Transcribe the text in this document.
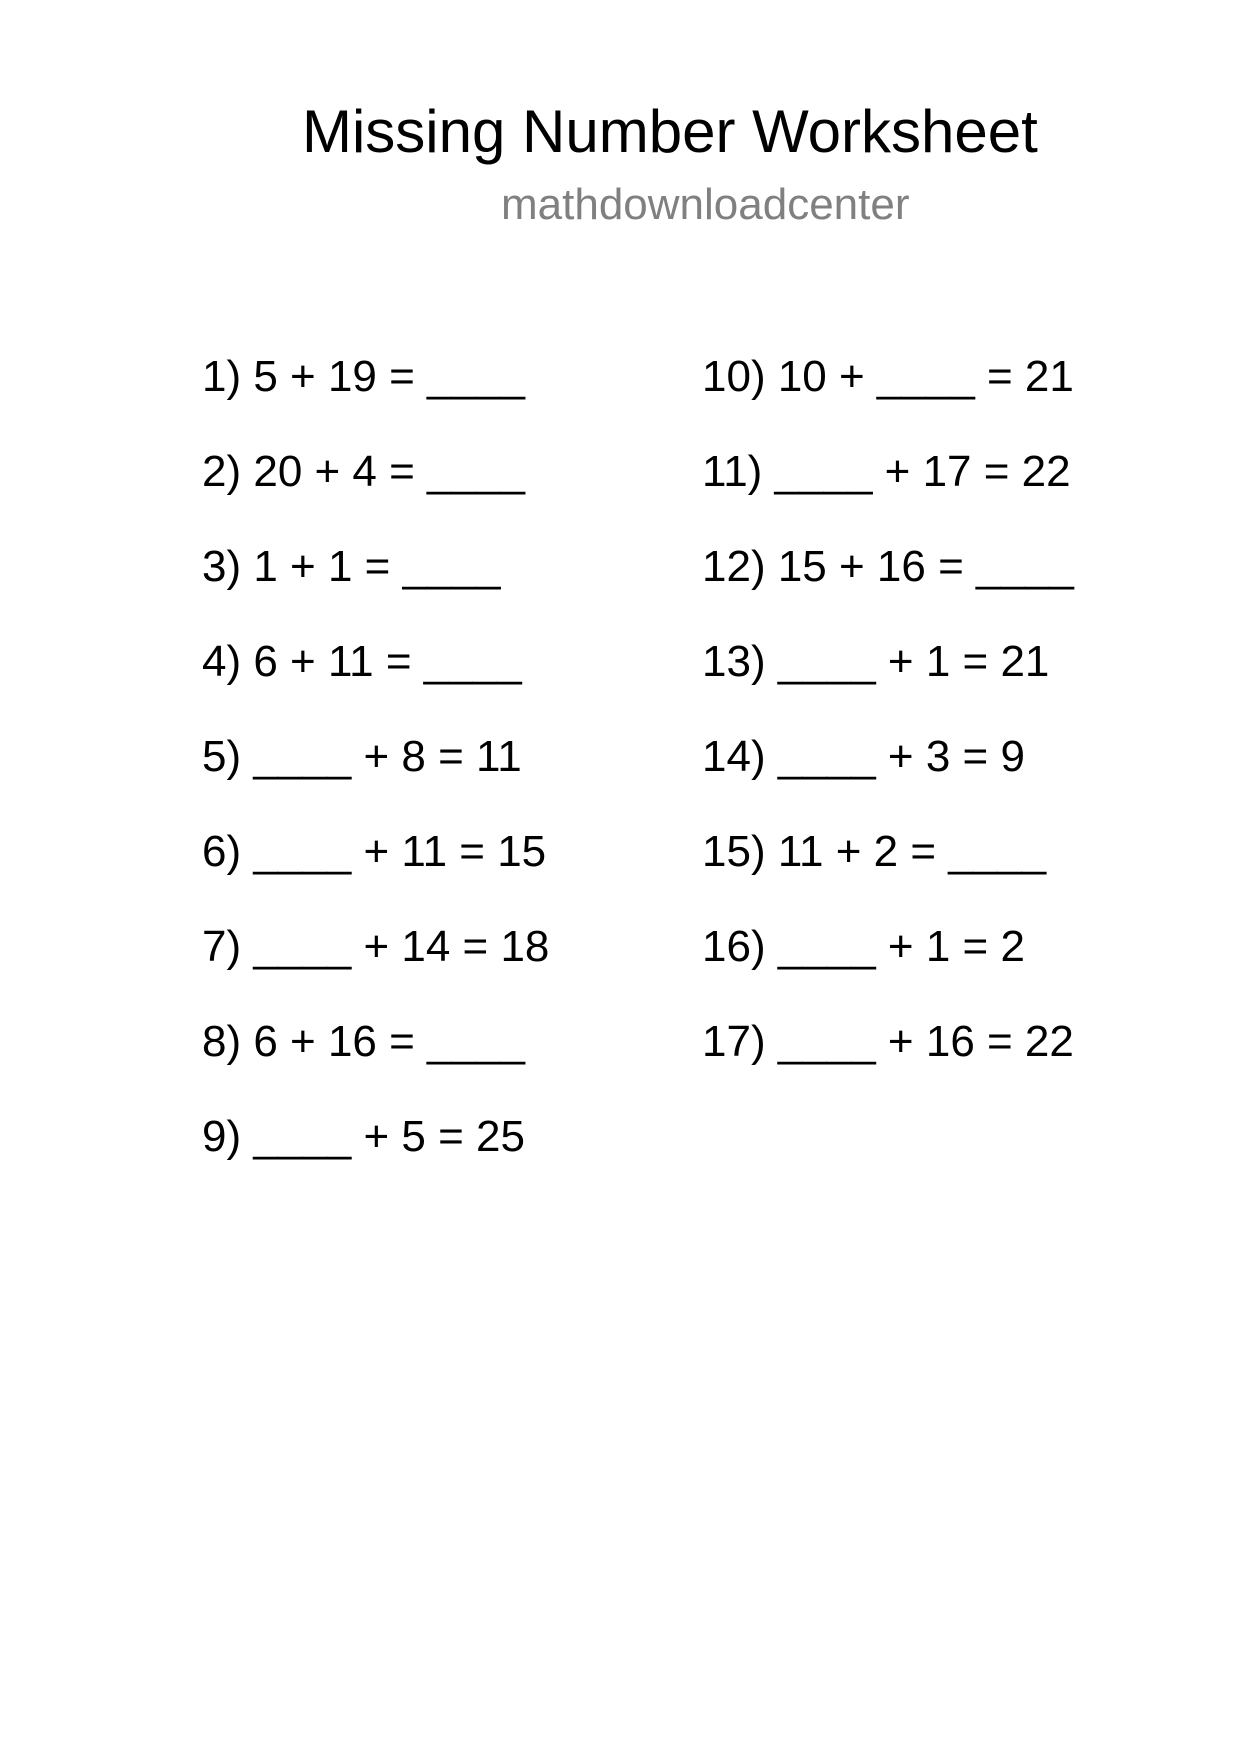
Missing Number Worksheet
mathdownloadcenter
1) 5 + 19 = ____
2) 20 + 4 = ____
3) 1 + 1 = ____
4) 6 + 11 = ____
5) ____ + 8 = 11
6) ____ + 11 = 15
7) ____ + 14 = 18
8) 6 + 16 = ____
9) ____ + 5 = 25
10) 10 + ____ = 21
11) ____ + 17 = 22
12) 15 + 16 = ____
13) ____ + 1 = 21
14) ____ + 3 = 9
15) 11 + 2 = ____
16) ____ + 1 = 2
17) ____ + 16 = 22
